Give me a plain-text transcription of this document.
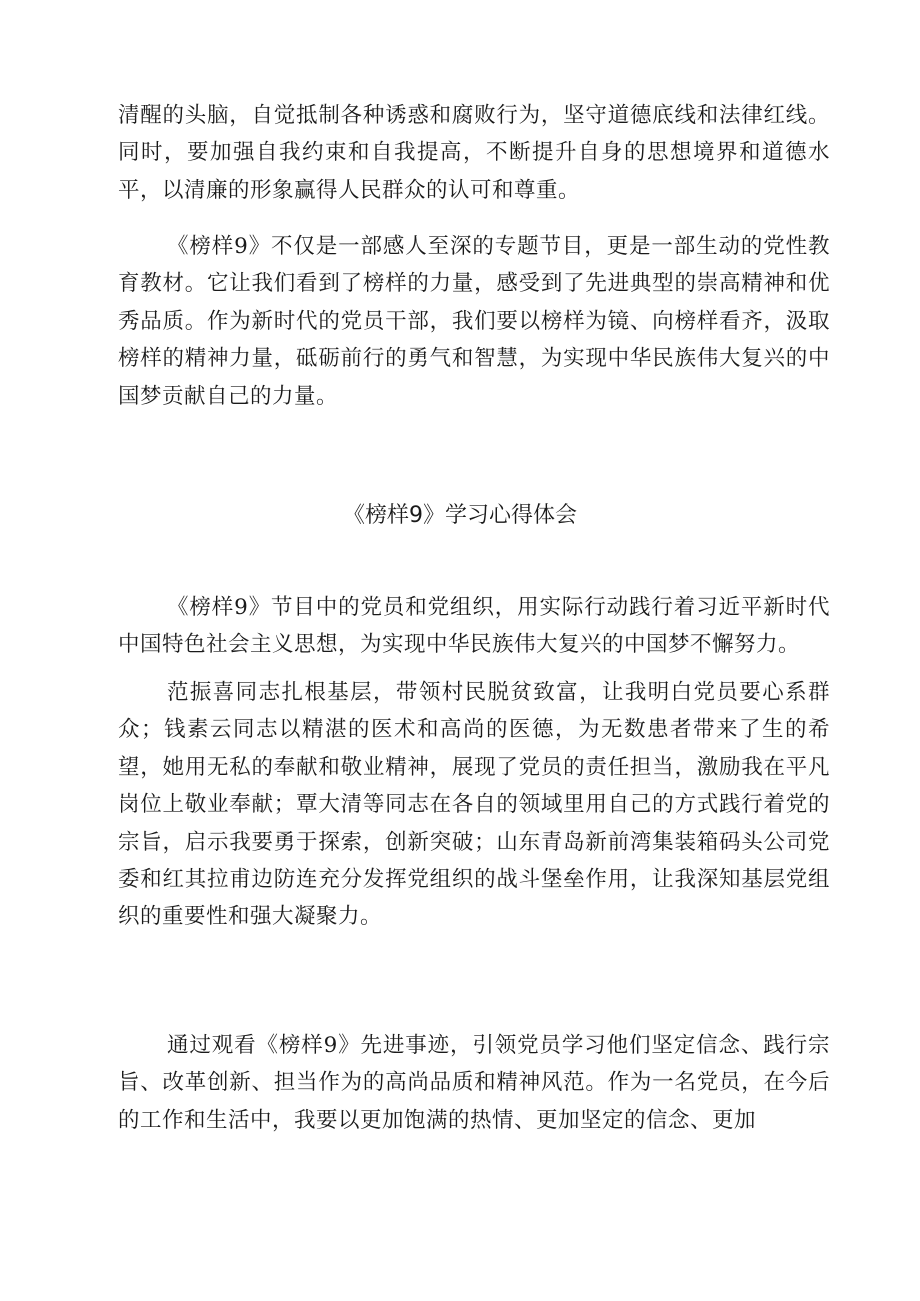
清醒的头脑，自觉抵制各种诱惑和腐败行为，坚守道德底线和法律红线。同时，要加强自我约束和自我提高，不断提升自身的思想境界和道德水平，以清廉的形象赢得人民群众的认可和尊重。

《榜样9》不仅是一部感人至深的专题节目，更是一部生动的党性教育教材。它让我们看到了榜样的力量，感受到了先进典型的崇高精神和优秀品质。作为新时代的党员干部，我们要以榜样为镜、向榜样看齐，汲取榜样的精神力量，砥砺前行的勇气和智慧，为实现中华民族伟大复兴的中国梦贡献自己的力量。

《榜样9》学习心得体会

《榜样9》节目中的党员和党组织，用实际行动践行着习近平新时代中国特色社会主义思想，为实现中华民族伟大复兴的中国梦不懈努力。

范振喜同志扎根基层，带领村民脱贫致富，让我明白党员要心系群众；钱素云同志以精湛的医术和高尚的医德，为无数患者带来了生的希望，她用无私的奉献和敬业精神，展现了党员的责任担当，激励我在平凡岗位上敬业奉献；覃大清等同志在各自的领域里用自己的方式践行着党的宗旨，启示我要勇于探索，创新突破；山东青岛新前湾集装箱码头公司党委和红其拉甫边防连充分发挥党组织的战斗堡垒作用，让我深知基层党组织的重要性和强大凝聚力。

通过观看《榜样9》先进事迹，引领党员学习他们坚定信念、践行宗旨、改革创新、担当作为的高尚品质和精神风范。作为一名党员，在今后的工作和生活中，我要以更加饱满的热情、更加坚定的信念、更加
